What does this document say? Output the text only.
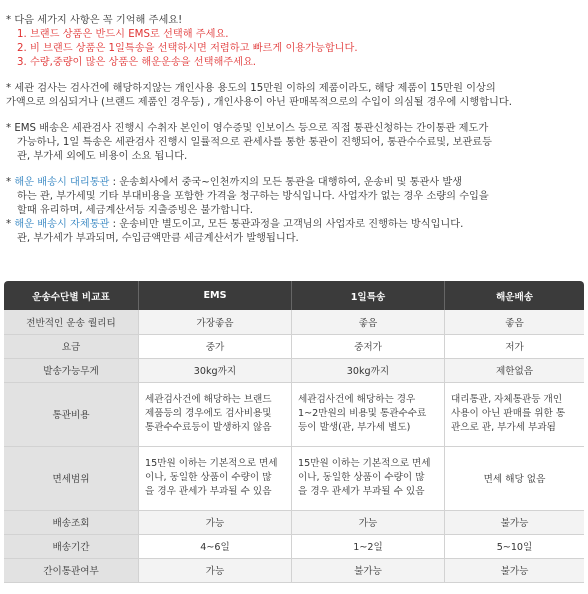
* 다음 세가지 사항은 꼭 기억해 주세요!
1. 브랜드 상품은 반드시 EMS로 선택해 주세요.
2. 비 브랜드 상품은 1일특송을 선택하시면 저렴하고 빠르게 이용가능합니다.
3. 수량,중량이 많은 상품은 해운운송을 선택해주세요.
* 세관 검사는 검사건에 해당하지않는 개인사용 용도의 15만원 이하의 제품이라도, 해당 제품이 15만원 이상의
가액으로 의심되거나 (브랜드 제품인 경우등) , 개인사용이 아닌 판매목적으로의 수입이 의심될 경우에 시행합니다.
* EMS 배송은 세관검사 진행시 수취자 본인이 영수증및 인보이스 등으로 직접 통관신청하는 간이통관 제도가
가능하나, 1일 특송은 세관검사 진행시 일률적으로 관세사를 통한 통관이 진행되어, 통관수수료및, 보관료등
관, 부가세 외에도 비용이 소요 됩니다.
* 해운 배송시 대리통관 : 운송회사에서 중국~인천까지의 모든 통관을 대행하여, 운송비 및 통관사 발생
하는 관, 부가세및 기타 부대비용을 포함한 가격을 청구하는 방식입니다. 사업자가 없는 경우 소량의 수입을
할때 유리하며, 세금계산서등 지출증빙은 불가합니다.
* 해운 배송시 자체통관 : 운송비만 별도이고, 모든 통관과정을 고객님의 사업자로 진행하는 방식입니다.
관, 부가세가 부과되며, 수입금액만큼 세금계산서가 발행됩니다.
운송수단별 비교표	EMS	1일특송	해운배송
전반적인 운송 퀄리티	가장좋음	좋음	좋음
요금	중가	중저가	저가
발송가능무게	30kg까지	30kg까지	제한없음
통관비용	세관검사건에 해당하는 브랜드
제품등의 경우에도 검사비용및
통관수수료등이 발생하지 않음	세관검사건에 해당하는 경우
1~2만원의 비용및 통관수수료
등이 발생(관, 부가세 별도)	대리통관, 자체통관등 개인
사용이 아닌 판매를 위한 통
관으로 관, 부가세 부과됨

면세범위	15만원 이하는 기본적으로 면세
이나, 동일한 상품이 수량이 많
을 경우 관세가 부과될 수 있음	15만원 이하는 기본적으로 면세
이나, 동일한 상품이 수량이 많
을 경우 관세가 부과될 수 있음	면세 해당 없음
배송조회	가능	가능	불가능
배송기간	4~6일	1~2일	5~10일
간이통관여부	가능	불가능	불가능
